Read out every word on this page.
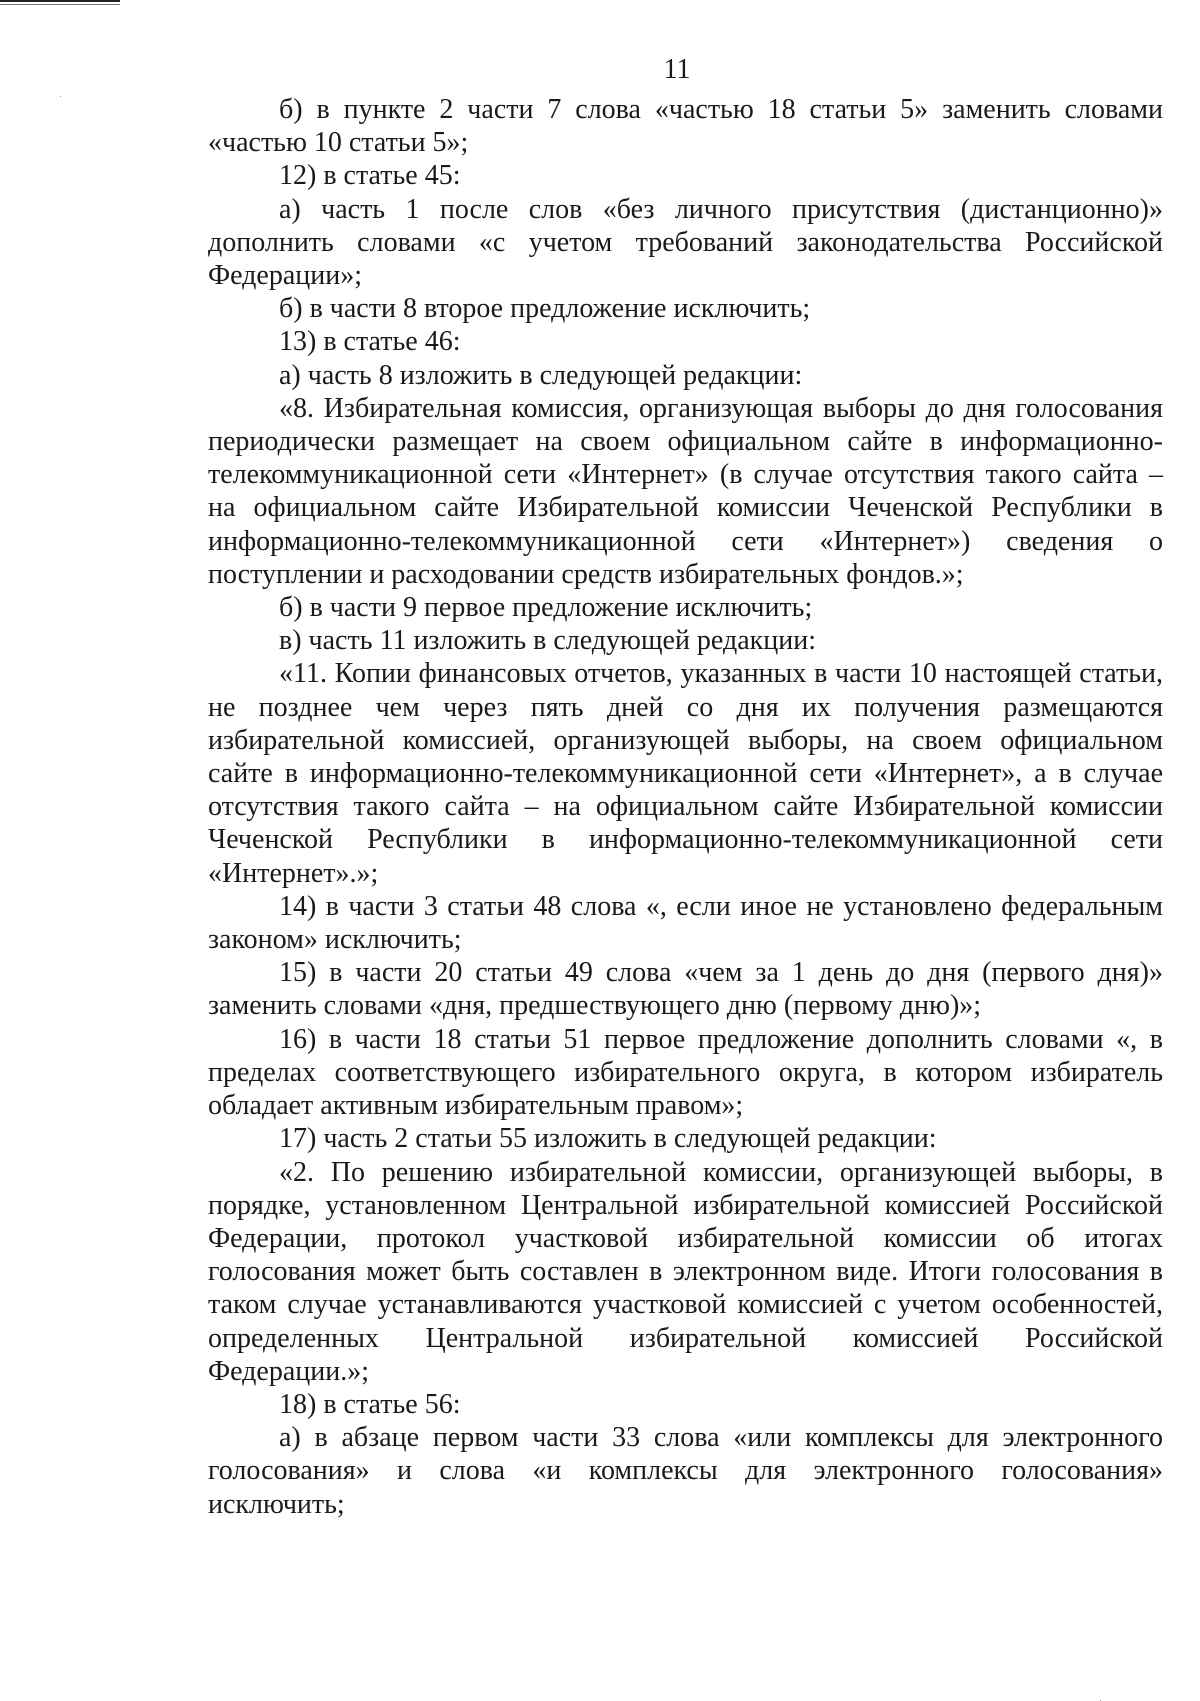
11

б) в пункте 2 части 7 слова «частью 18 статьи 5» заменить словами «частью 10 статьи 5»;

12) в статье 45:

а) часть 1 после слов «без личного присутствия (дистанционно)» дополнить словами «с учетом требований законодательства Российской Федерации»;

б) в части 8 второе предложение исключить;

13) в статье 46:

а) часть 8 изложить в следующей редакции:

«8. Избирательная комиссия, организующая выборы до дня голосования периодически размещает на своем официальном сайте в информационно-телекоммуникационной сети «Интернет» (в случае отсутствия такого сайта – на официальном сайте Избирательной комиссии Чеченской Республики в информационно-телекоммуникационной сети «Интернет») сведения о поступлении и расходовании средств избирательных фондов.»;

б) в части 9 первое предложение исключить;

в) часть 11 изложить в следующей редакции:

«11. Копии финансовых отчетов, указанных в части 10 настоящей статьи, не позднее чем через пять дней со дня их получения размещаются избирательной комиссией, организующей выборы, на своем официальном сайте в информационно-телекоммуникационной сети «Интернет», а в случае отсутствия такого сайта – на официальном сайте Избирательной комиссии Чеченской Республики в информационно-телекоммуникационной сети «Интернет».»;

14) в части 3 статьи 48 слова «, если иное не установлено федеральным законом» исключить;

15) в части 20 статьи 49 слова «чем за 1 день до дня (первого дня)» заменить словами «дня, предшествующего дню (первому дню)»;

16) в части 18 статьи 51 первое предложение дополнить словами «, в пределах соответствующего избирательного округа, в котором избиратель обладает активным избирательным правом»;

17) часть 2 статьи 55 изложить в следующей редакции:

«2. По решению избирательной комиссии, организующей выборы, в порядке, установленном Центральной избирательной комиссией Российской Федерации, протокол участковой избирательной комиссии об итогах голосования может быть составлен в электронном виде. Итоги голосования в таком случае устанавливаются участковой комиссией с учетом особенностей, определенных Центральной избирательной комиссией Российской Федерации.»;

18) в статье 56:

а) в абзаце первом части 33 слова «или комплексы для электронного голосования» и слова «и комплексы для электронного голосования» исключить;
